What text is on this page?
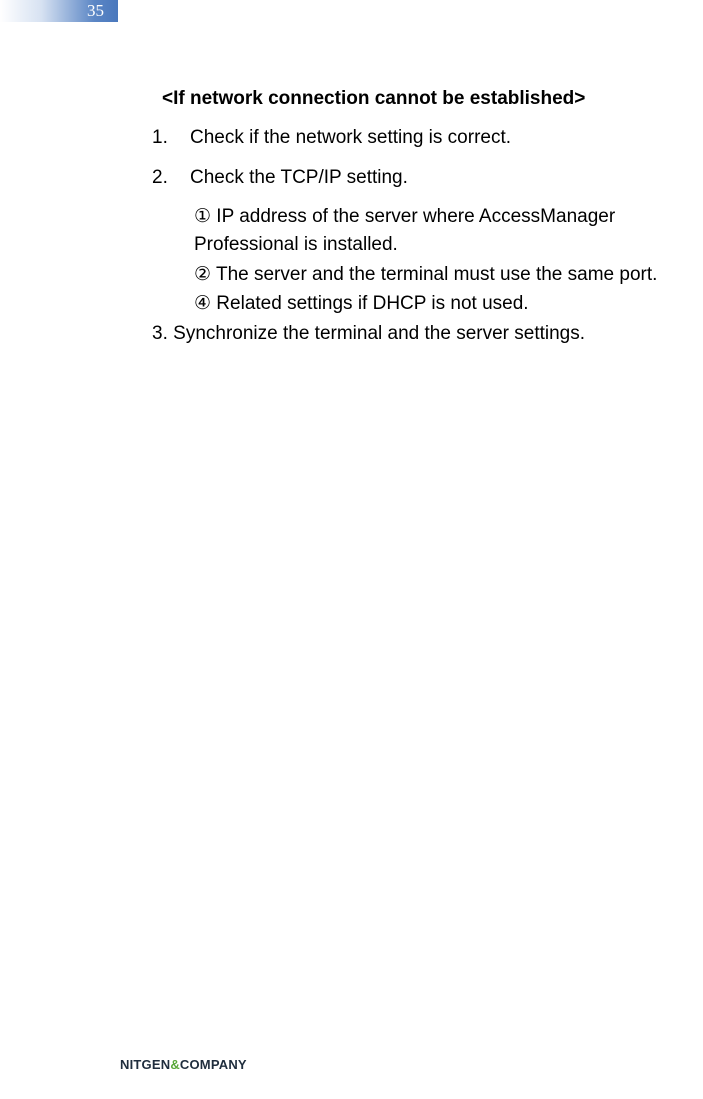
35
<If network connection cannot be established>
1. Check if the network setting is correct.
2. Check the TCP/IP setting.
① IP address of the server where AccessManager
Professional is installed.
② The server and the terminal must use the same port.
④ Related settings if DHCP is not used.
3. Synchronize the terminal and the server settings.
NITGEN&COMPANY
